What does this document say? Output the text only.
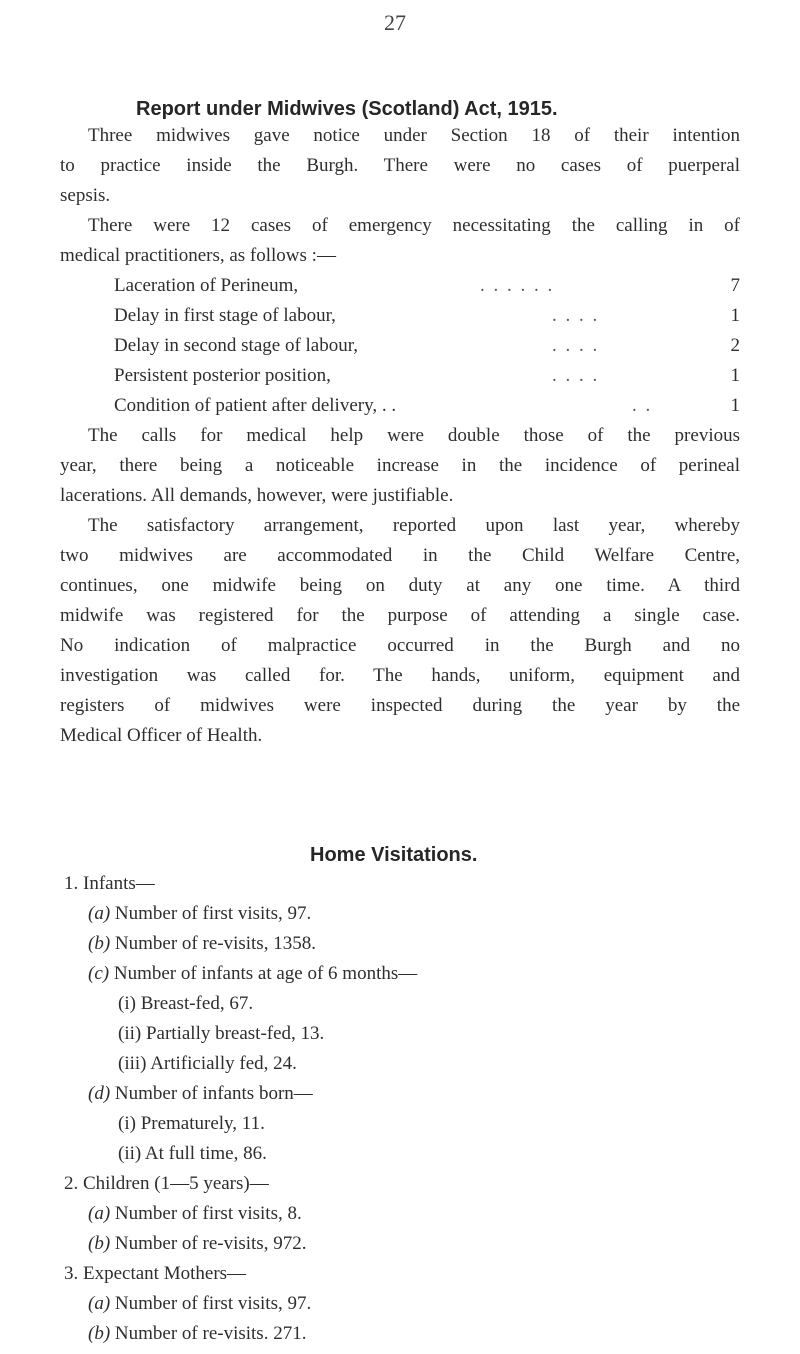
27
Report under Midwives (Scotland) Act, 1915.
Three midwives gave notice under Section 18 of their intention
to practice inside the Burgh. There were no cases of puerperal
sepsis.
There were 12 cases of emergency necessitating the calling in of
medical practitioners, as follows :—
Laceration of Perineum,	. . . . . .	7
Delay in first stage of labour,	. . . .	1
Delay in second stage of labour,	. . . .	2
Persistent posterior position,	. . . .	1
Condition of patient after delivery, . .	. .	1
The calls for medical help were double those of the previous
year, there being a noticeable increase in the incidence of perineal
lacerations. All demands, however, were justifiable.
The satisfactory arrangement, reported upon last year, whereby
two midwives are accommodated in the Child Welfare Centre,
continues, one midwife being on duty at any one time. A third
midwife was registered for the purpose of attending a single case.
No indication of malpractice occurred in the Burgh and no
investigation was called for. The hands, uniform, equipment and
registers of midwives were inspected during the year by the
Medical Officer of Health.
Home Visitations.
1. Infants—
(a) Number of first visits, 97.
(b) Number of re-visits, 1358.
(c) Number of infants at age of 6 months—
(i) Breast-fed, 67.
(ii) Partially breast-fed, 13.
(iii) Artificially fed, 24.
(d) Number of infants born—
(i) Prematurely, 11.
(ii) At full time, 86.
2. Children (1—5 years)—
(a) Number of first visits, 8.
(b) Number of re-visits, 972.
3. Expectant Mothers—
(a) Number of first visits, 97.
(b) Number of re-visits. 271.
